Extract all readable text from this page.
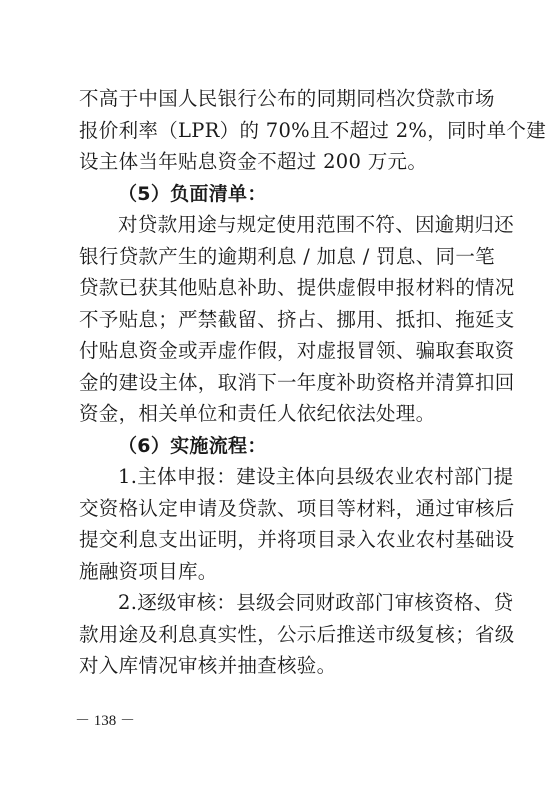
不高于中国人民银行公布的同期同档次贷款市场
报价利率（LPR）的 70%且不超过 2%，同时单个建
设主体当年贴息资金不超过 200 万元。
（5）负面清单：
对贷款用途与规定使用范围不符、因逾期归还
银行贷款产生的逾期利息 / 加息 / 罚息、同一笔
贷款已获其他贴息补助、提供虚假申报材料的情况
不予贴息；严禁截留、挤占、挪用、抵扣、拖延支
付贴息资金或弄虚作假，对虚报冒领、骗取套取资
金的建设主体，取消下一年度补助资格并清算扣回
资金，相关单位和责任人依纪依法处理。
（6）实施流程：
1.主体申报：建设主体向县级农业农村部门提
交资格认定申请及贷款、项目等材料，通过审核后
提交利息支出证明，并将项目录入农业农村基础设
施融资项目库。
2.逐级审核：县级会同财政部门审核资格、贷
款用途及利息真实性，公示后推送市级复核；省级
对入库情况审核并抽查核验。
－ 138 －
